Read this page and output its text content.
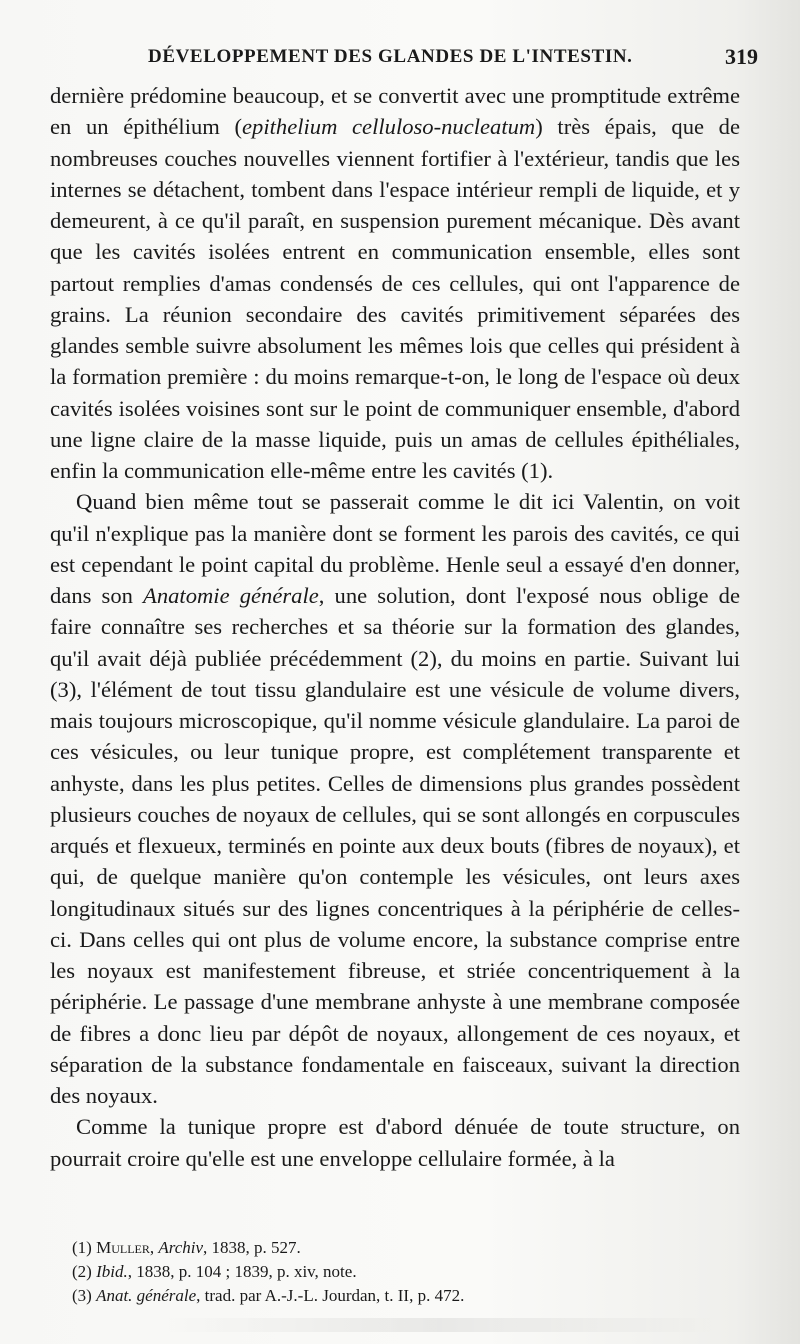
DÉVELOPPEMENT DES GLANDES DE L'INTESTIN.	319

dernière prédomine beaucoup, et se convertit avec une promptitude extrême en un épithélium (epithelium celluloso-nucleatum) très épais, que de nombreuses couches nouvelles viennent fortifier à l'extérieur, tandis que les internes se détachent, tombent dans l'espace intérieur rempli de liquide, et y demeurent, à ce qu'il paraît, en suspension purement mécanique. Dès avant que les cavités isolées entrent en communication ensemble, elles sont partout remplies d'amas condensés de ces cellules, qui ont l'apparence de grains. La réunion secondaire des cavités primitivement séparées des glandes semble suivre absolument les mêmes lois que celles qui président à la formation première : du moins remarque-t-on, le long de l'espace où deux cavités isolées voisines sont sur le point de communiquer ensemble, d'abord une ligne claire de la masse liquide, puis un amas de cellules épithéliales, enfin la communication elle-même entre les cavités (1).

Quand bien même tout se passerait comme le dit ici Valentin, on voit qu'il n'explique pas la manière dont se forment les parois des cavités, ce qui est cependant le point capital du problème. Henle seul a essayé d'en donner, dans son Anatomie générale, une solution, dont l'exposé nous oblige de faire connaître ses recherches et sa théorie sur la formation des glandes, qu'il avait déjà publiée précédemment (2), du moins en partie. Suivant lui (3), l'élément de tout tissu glandulaire est une vésicule de volume divers, mais toujours microscopique, qu'il nomme vésicule glandulaire. La paroi de ces vésicules, ou leur tunique propre, est complétement transparente et anhyste, dans les plus petites. Celles de dimensions plus grandes possèdent plusieurs couches de noyaux de cellules, qui se sont allongés en corpuscules arqués et flexueux, terminés en pointe aux deux bouts (fibres de noyaux), et qui, de quelque manière qu'on contemple les vésicules, ont leurs axes longitudinaux situés sur des lignes concentriques à la périphérie de celles-ci. Dans celles qui ont plus de volume encore, la substance comprise entre les noyaux est manifestement fibreuse, et striée concentriquement à la périphérie. Le passage d'une membrane anhyste à une membrane composée de fibres a donc lieu par dépôt de noyaux, allongement de ces noyaux, et séparation de la substance fondamentale en faisceaux, suivant la direction des noyaux.

Comme la tunique propre est d'abord dénuée de toute structure, on pourrait croire qu'elle est une enveloppe cellulaire formée, à la

(1) Muller, Archiv, 1838, p. 527.

(2) Ibid., 1838, p. 104 ; 1839, p. xiv, note.

(3) Anat. générale, trad. par A.-J.-L. Jourdan, t. II, p. 472.
